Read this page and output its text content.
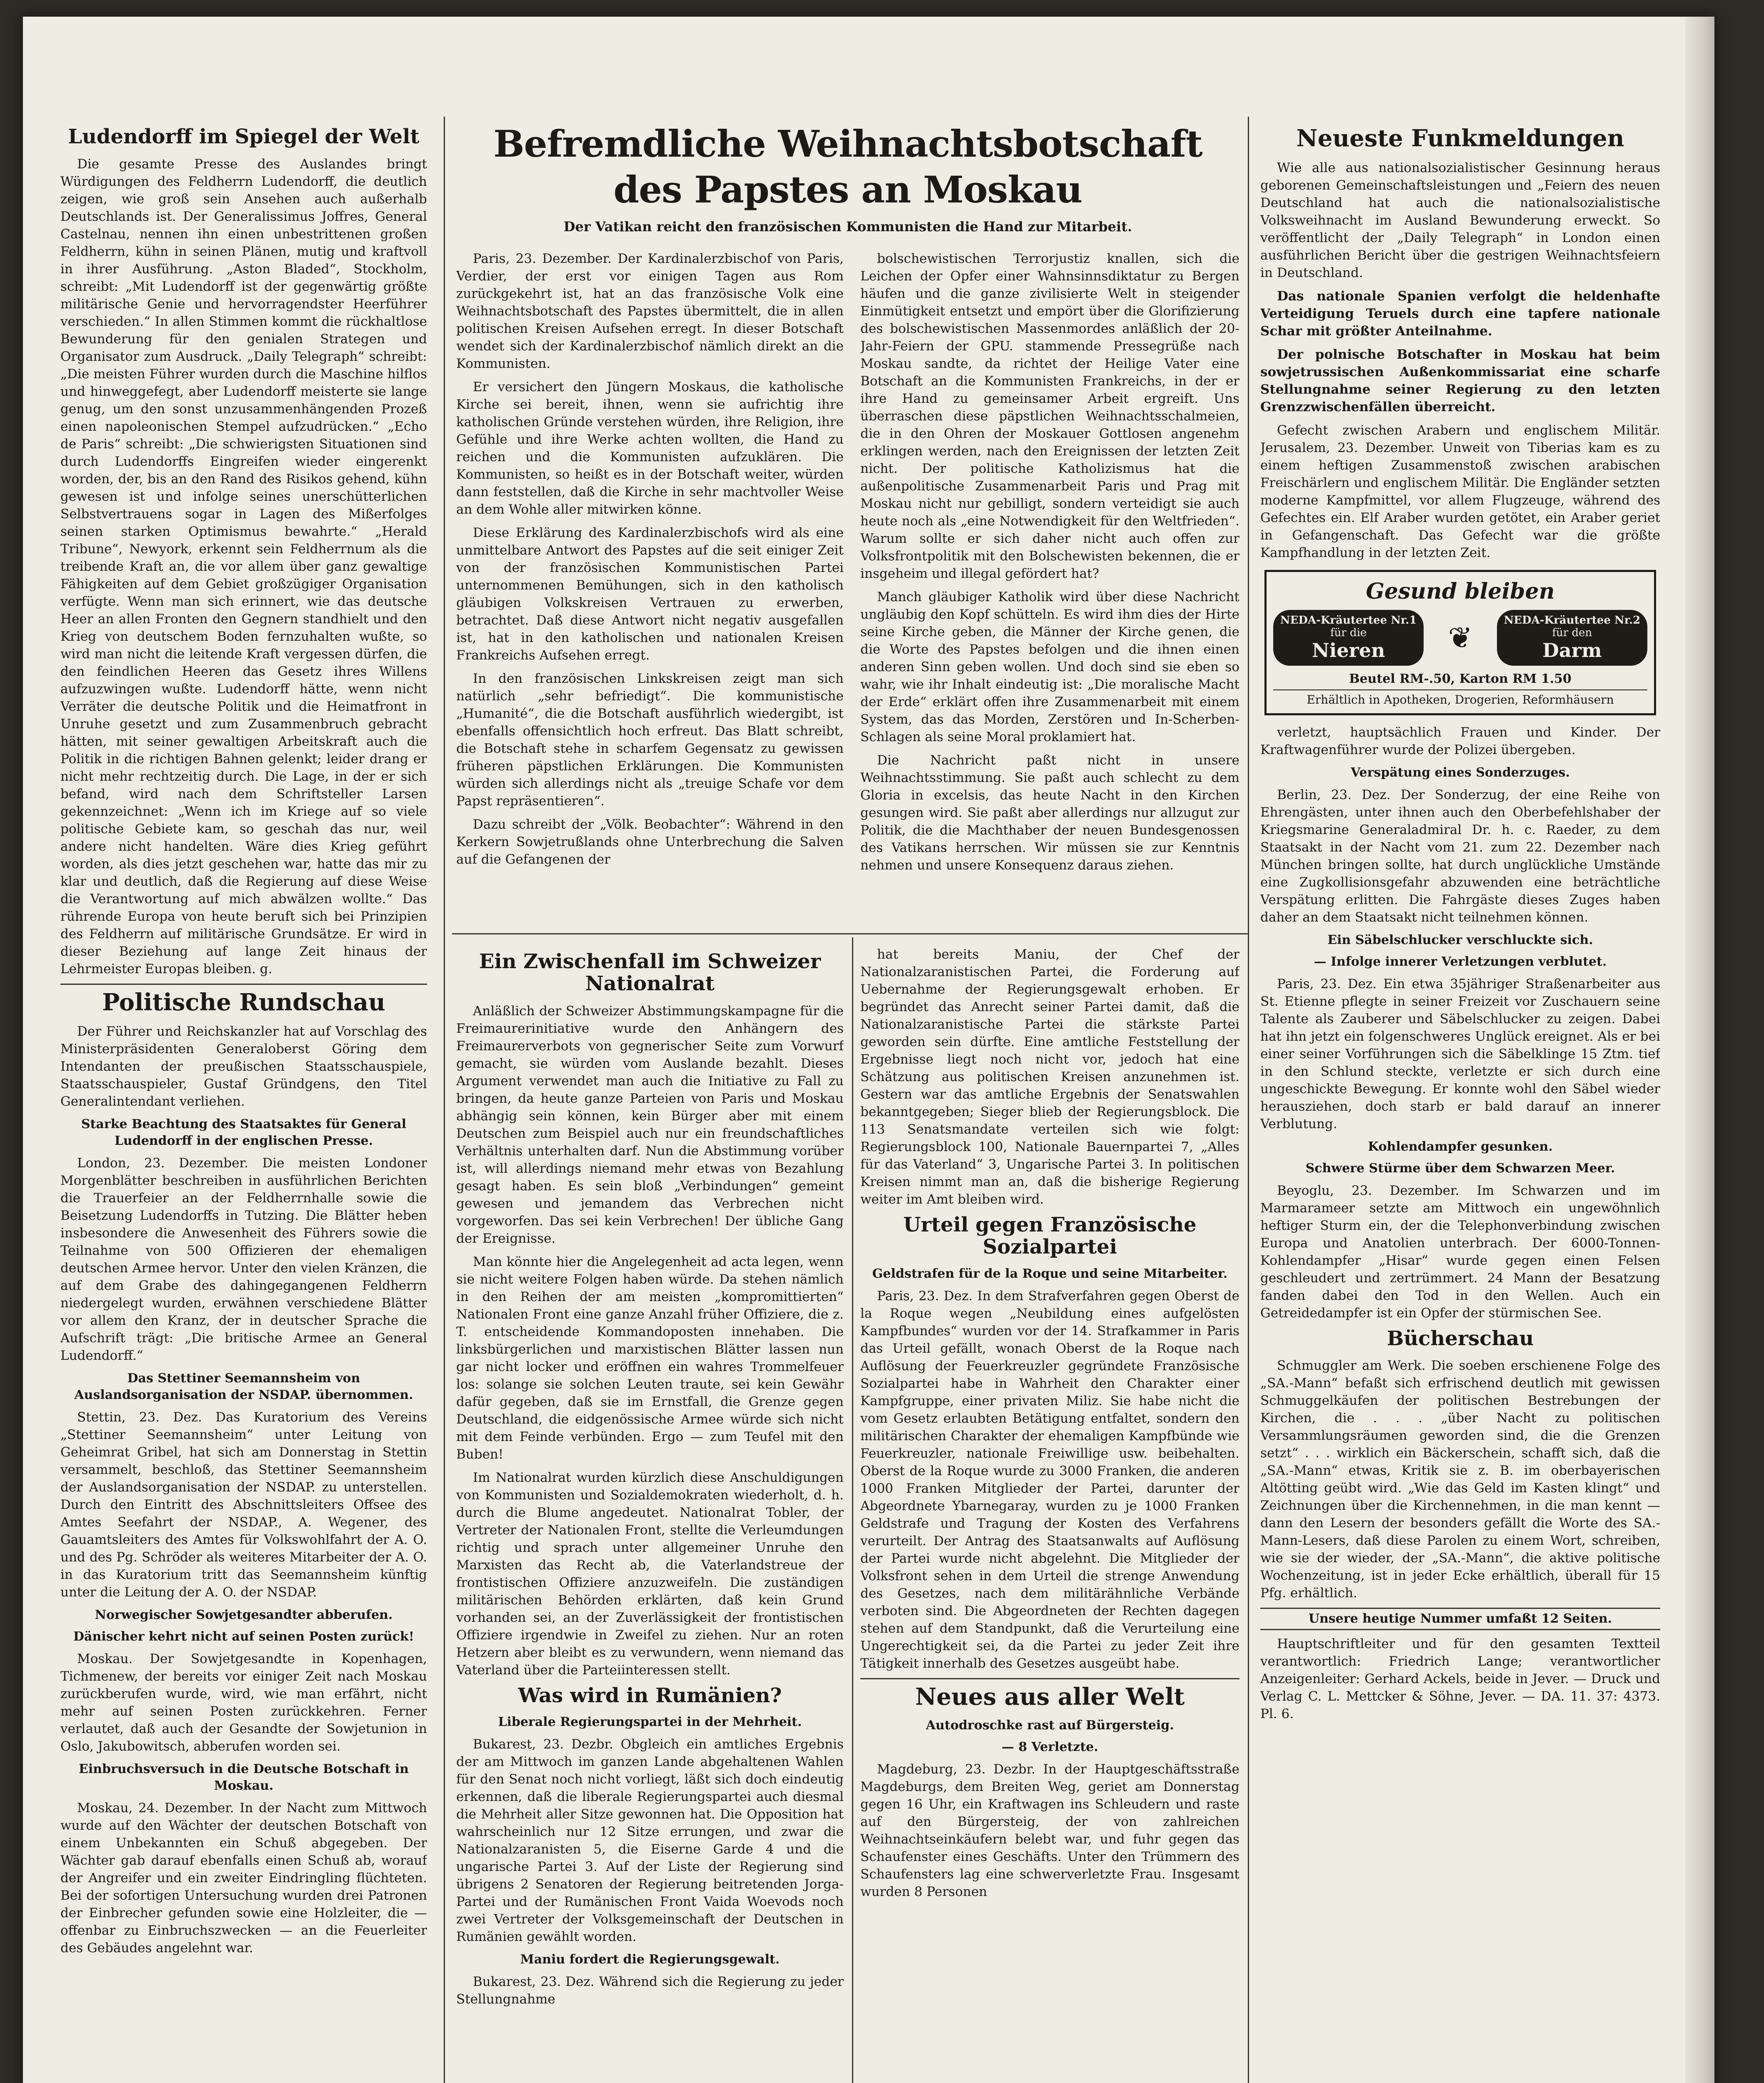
Ludendorff im Spiegel der Welt

Die gesamte Presse des Auslandes bringt Würdigungen des Feldherrn Ludendorff, die deutlich zeigen, wie groß sein Ansehen auch außerhalb Deutschlands ist. Der Generalissimus Joffres, General Castelnau, nennen ihn einen unbestrittenen großen Feldherrn, kühn in seinen Plänen, mutig und kraftvoll in ihrer Ausführung. „Aston Bladed“, Stockholm, schreibt: „Mit Ludendorff ist der gegenwärtig größte militärische Genie und hervorragendster Heerführer verschieden.“ In allen Stimmen kommt die rückhaltlose Bewunderung für den genialen Strategen und Organisator zum Ausdruck. „Daily Telegraph“ schreibt: „Die meisten Führer wurden durch die Maschine hilflos und hinweggefegt, aber Ludendorff meisterte sie lange genug, um den sonst unzusammenhängenden Prozeß einen napoleonischen Stempel aufzudrücken.“ „Echo de Paris“ schreibt: „Die schwierigsten Situationen sind durch Ludendorffs Eingreifen wieder eingerenkt worden, der, bis an den Rand des Risikos gehend, kühn gewesen ist und infolge seines unerschütterlichen Selbstvertrauens sogar in Lagen des Mißerfolges seinen starken Optimismus bewahrte.“ „Herald Tribune“, Newyork, erkennt sein Feldherrnum als die treibende Kraft an, die vor allem über ganz gewaltige Fähigkeiten auf dem Gebiet großzügiger Organisation verfügte. Wenn man sich erinnert, wie das deutsche Heer an allen Fronten den Gegnern standhielt und den Krieg von deutschem Boden fernzuhalten wußte, so wird man nicht die leitende Kraft vergessen dürfen, die den feindlichen Heeren das Gesetz ihres Willens aufzuzwingen wußte. Ludendorff hätte, wenn nicht Verräter die deutsche Politik und die Heimatfront in Unruhe gesetzt und zum Zusammenbruch gebracht hätten, mit seiner gewaltigen Arbeitskraft auch die Politik in die richtigen Bahnen gelenkt; leider drang er nicht mehr rechtzeitig durch. Die Lage, in der er sich befand, wird nach dem Schriftsteller Larsen gekennzeichnet: „Wenn ich im Kriege auf so viele politische Gebiete kam, so geschah das nur, weil andere nicht handelten. Wäre dies Krieg geführt worden, als dies jetzt geschehen war, hatte das mir zu klar und deutlich, daß die Regierung auf diese Weise die Verantwortung auf mich abwälzen wollte.“ Das rührende Europa von heute beruft sich bei Prinzipien des Feldherrn auf militärische Grundsätze. Er wird in dieser Beziehung auf lange Zeit hinaus der Lehrmeister Europas bleiben. g.

Politische Rundschau

Der Führer und Reichskanzler hat auf Vorschlag des Ministerpräsidenten Generaloberst Göring dem Intendanten der preußischen Staatsschauspiele, Staatsschauspieler, Gustaf Gründgens, den Titel Generalintendant verliehen.

Starke Beachtung des Staatsaktes für General Ludendorff in der englischen Presse.

London, 23. Dezember. Die meisten Londoner Morgenblätter beschreiben in ausführlichen Berichten die Trauerfeier an der Feldherrnhalle sowie die Beisetzung Ludendorffs in Tutzing. Die Blätter heben insbesondere die Anwesenheit des Führers sowie die Teilnahme von 500 Offizieren der ehemaligen deutschen Armee hervor. Unter den vielen Kränzen, die auf dem Grabe des dahingegangenen Feldherrn niedergelegt wurden, erwähnen verschiedene Blätter vor allem den Kranz, der in deutscher Sprache die Aufschrift trägt: „Die britische Armee an General Ludendorff.“

Das Stettiner Seemannsheim von Auslandsorganisation der NSDAP. übernommen.

Stettin, 23. Dez. Das Kuratorium des Vereins „Stettiner Seemannsheim“ unter Leitung von Geheimrat Gribel, hat sich am Donnerstag in Stettin versammelt, beschloß, das Stettiner Seemannsheim der Auslandsorganisation der NSDAP. zu unterstellen. Durch den Eintritt des Abschnittsleiters Offsee des Amtes Seefahrt der NSDAP., A. Wegener, des Gauamtsleiters des Amtes für Volkswohlfahrt der A. O. und des Pg. Schröder als weiteres Mitarbeiter der A. O. in das Kuratorium tritt das Seemannsheim künftig unter die Leitung der A. O. der NSDAP.

Norwegischer Sowjetgesandter abberufen.
Dänischer kehrt nicht auf seinen Posten zurück!

Moskau. Der Sowjetgesandte in Kopenhagen, Tichmenew, der bereits vor einiger Zeit nach Moskau zurückberufen wurde, wird, wie man erfährt, nicht mehr auf seinen Posten zurückkehren. Ferner verlautet, daß auch der Gesandte der Sowjetunion in Oslo, Jakubowitsch, abberufen worden sei.

Einbruchsversuch in die Deutsche Botschaft in Moskau.

Moskau, 24. Dezember. In der Nacht zum Mittwoch wurde auf den Wächter der deutschen Botschaft von einem Unbekannten ein Schuß abgegeben. Der Wächter gab darauf ebenfalls einen Schuß ab, worauf der Angreifer und ein zweiter Eindringling flüchteten. Bei der sofortigen Untersuchung wurden drei Patronen der Einbrecher gefunden sowie eine Holzleiter, die — offenbar zu Einbruchszwecken — an die Feuerleiter des Gebäudes angelehnt war.

Befremdliche Weihnachtsbotschaft des Papstes an Moskau
Der Vatikan reicht den französischen Kommunisten die Hand zur Mitarbeit.

Paris, 23. Dezember. Der Kardinalerzbischof von Paris, Verdier, der erst vor einigen Tagen aus Rom zurückgekehrt ist, hat an das französische Volk eine Weihnachtsbotschaft des Papstes übermittelt, die in allen politischen Kreisen Aufsehen erregt. In dieser Botschaft wendet sich der Kardinalerzbischof nämlich direkt an die Kommunisten.

Er versichert den Jüngern Moskaus, die katholische Kirche sei bereit, ihnen, wenn sie aufrichtig ihre katholischen Gründe verstehen würden, ihre Religion, ihre Gefühle und ihre Werke achten wollten, die Hand zu reichen und die Kommunisten aufzuklären. Die Kommunisten, so heißt es in der Botschaft weiter, würden dann feststellen, daß die Kirche in sehr machtvoller Weise an dem Wohle aller mitwirken könne.

Diese Erklärung des Kardinalerzbischofs wird als eine unmittelbare Antwort des Papstes auf die seit einiger Zeit von der französischen Kommunistischen Partei unternommenen Bemühungen, sich in den katholisch gläubigen Volkskreisen Vertrauen zu erwerben, betrachtet. Daß diese Antwort nicht negativ ausgefallen ist, hat in den katholischen und nationalen Kreisen Frankreichs Aufsehen erregt.

In den französischen Linkskreisen zeigt man sich natürlich „sehr befriedigt“. Die kommunistische „Humanité“, die die Botschaft ausführlich wiedergibt, ist ebenfalls offensichtlich hoch erfreut. Das Blatt schreibt, die Botschaft stehe in scharfem Gegensatz zu gewissen früheren päpstlichen Erklärungen. Die Kommunisten würden sich allerdings nicht als „treuige Schafe vor dem Papst repräsentieren“.

Dazu schreibt der „Völk. Beobachter“: Während in den Kerkern Sowjetrußlands ohne Unterbrechung die Salven auf die Gefangenen der

bolschewistischen Terrorjustiz knallen, sich die Leichen der Opfer einer Wahnsinnsdiktatur zu Bergen häufen und die ganze zivilisierte Welt in steigender Einmütigkeit entsetzt und empört über die Glorifizierung des bolschewistischen Massenmordes anläßlich der 20-Jahr-Feiern der GPU. stammende Pressegrüße nach Moskau sandte, da richtet der Heilige Vater eine Botschaft an die Kommunisten Frankreichs, in der er ihre Hand zu gemeinsamer Arbeit ergreift. Uns überraschen diese päpstlichen Weihnachtsschalmeien, die in den Ohren der Moskauer Gottlosen angenehm erklingen werden, nach den Ereignissen der letzten Zeit nicht. Der politische Katholizismus hat die außenpolitische Zusammenarbeit Paris und Prag mit Moskau nicht nur gebilligt, sondern verteidigt sie auch heute noch als „eine Notwendigkeit für den Weltfrieden“. Warum sollte er sich daher nicht auch offen zur Volksfrontpolitik mit den Bolschewisten bekennen, die er insgeheim und illegal gefördert hat?

Manch gläubiger Katholik wird über diese Nachricht ungläubig den Kopf schütteln. Es wird ihm dies der Hirte seine Kirche geben, die Männer der Kirche genen, die die Worte des Papstes befolgen und die ihnen einen anderen Sinn geben wollen. Und doch sind sie eben so wahr, wie ihr Inhalt eindeutig ist: „Die moralische Macht der Erde“ erklärt offen ihre Zusammenarbeit mit einem System, das das Morden, Zerstören und In-Scherben-Schlagen als seine Moral proklamiert hat.

Die Nachricht paßt nicht in unsere Weihnachtsstimmung. Sie paßt auch schlecht zu dem Gloria in excelsis, das heute Nacht in den Kirchen gesungen wird. Sie paßt aber allerdings nur allzugut zur Politik, die die Machthaber der neuen Bundesgenossen des Vatikans herrschen. Wir müssen sie zur Kenntnis nehmen und unsere Konsequenz daraus ziehen.

Ein Zwischenfall im Schweizer Nationalrat

Anläßlich der Schweizer Abstimmungskampagne für die Freimaurerinitiative wurde den Anhängern des Freimaurerverbots von gegnerischer Seite zum Vorwurf gemacht, sie würden vom Auslande bezahlt. Dieses Argument verwendet man auch die Initiative zu Fall zu bringen, da heute ganze Parteien von Paris und Moskau abhängig sein können, kein Bürger aber mit einem Deutschen zum Beispiel auch nur ein freundschaftliches Verhältnis unterhalten darf. Nun die Abstimmung vorüber ist, will allerdings niemand mehr etwas von Bezahlung gesagt haben. Es sein bloß „Verbindungen“ gemeint gewesen und jemandem das Verbrechen nicht vorgeworfen. Das sei kein Verbrechen! Der übliche Gang der Ereignisse.

Man könnte hier die Angelegenheit ad acta legen, wenn sie nicht weitere Folgen haben würde. Da stehen nämlich in den Reihen der am meisten „kompromittierten“ Nationalen Front eine ganze Anzahl früher Offiziere, die z. T. entscheidende Kommandoposten innehaben. Die linksbürgerlichen und marxistischen Blätter lassen nun gar nicht locker und eröffnen ein wahres Trommelfeuer los: solange sie solchen Leuten traute, sei kein Gewähr dafür gegeben, daß sie im Ernstfall, die Grenze gegen Deutschland, die eidgenössische Armee würde sich nicht mit dem Feinde verbünden. Ergo — zum Teufel mit den Buben!

Im Nationalrat wurden kürzlich diese Anschuldigungen von Kommunisten und Sozialdemokraten wiederholt, d. h. durch die Blume angedeutet. Nationalrat Tobler, der Vertreter der Nationalen Front, stellte die Verleumdungen richtig und sprach unter allgemeiner Unruhe den Marxisten das Recht ab, die Vaterlandstreue der frontistischen Offiziere anzuzweifeln. Die zuständigen militärischen Behörden erklärten, daß kein Grund vorhanden sei, an der Zuverlässigkeit der frontistischen Offiziere irgendwie in Zweifel zu ziehen. Nur an roten Hetzern aber bleibt es zu verwundern, wenn niemand das Vaterland über die Parteiinteressen stellt.

Was wird in Rumänien?
Liberale Regierungspartei in der Mehrheit.

Bukarest, 23. Dezbr. Obgleich ein amtliches Ergebnis der am Mittwoch im ganzen Lande abgehaltenen Wahlen für den Senat noch nicht vorliegt, läßt sich doch eindeutig erkennen, daß die liberale Regierungspartei auch diesmal die Mehrheit aller Sitze gewonnen hat. Die Opposition hat wahrscheinlich nur 12 Sitze errungen, und zwar die Nationalzaranisten 5, die Eiserne Garde 4 und die ungarische Partei 3. Auf der Liste der Regierung sind übrigens 2 Senatoren der Regierung beitretenden Jorga-Partei und der Rumänischen Front Vaida Woevods noch zwei Vertreter der Volksgemeinschaft der Deutschen in Rumänien gewählt worden.

Maniu fordert die Regierungsgewalt.

Bukarest, 23. Dez. Während sich die Regierung zu jeder Stellungnahme

hat bereits Maniu, der Chef der Nationalzaranistischen Partei, die Forderung auf Uebernahme der Regierungsgewalt erhoben. Er begründet das Anrecht seiner Partei damit, daß die Nationalzaranistische Partei die stärkste Partei geworden sein dürfte. Eine amtliche Feststellung der Ergebnisse liegt noch nicht vor, jedoch hat eine Schätzung aus politischen Kreisen anzunehmen ist. Gestern war das amtliche Ergebnis der Senatswahlen bekanntgegeben; Sieger blieb der Regierungsblock. Die 113 Senatsmandate verteilen sich wie folgt: Regierungsblock 100, Nationale Bauernpartei 7, „Alles für das Vaterland“ 3, Ungarische Partei 3. In politischen Kreisen nimmt man an, daß die bisherige Regierung weiter im Amt bleiben wird.

Urteil gegen Französische Sozialpartei
Geldstrafen für de la Roque und seine Mitarbeiter.

Paris, 23. Dez. In dem Strafverfahren gegen Oberst de la Roque wegen „Neubildung eines aufgelösten Kampfbundes“ wurden vor der 14. Strafkammer in Paris das Urteil gefällt, wonach Oberst de la Roque nach Auflösung der Feuerkreuzler gegründete Französische Sozialpartei habe in Wahrheit den Charakter einer Kampfgruppe, einer privaten Miliz. Sie habe nicht die vom Gesetz erlaubten Betätigung entfaltet, sondern den militärischen Charakter der ehemaligen Kampfbünde wie Feuerkreuzler, nationale Freiwillige usw. beibehalten. Oberst de la Roque wurde zu 3000 Franken, die anderen 1000 Franken Mitglieder der Partei, darunter der Abgeordnete Ybarnegaray, wurden zu je 1000 Franken Geldstrafe und Tragung der Kosten des Verfahrens verurteilt. Der Antrag des Staatsanwalts auf Auflösung der Partei wurde nicht abgelehnt. Die Mitglieder der Volksfront sehen in dem Urteil die strenge Anwendung des Gesetzes, nach dem militärähnliche Verbände verboten sind. Die Abgeordneten der Rechten dagegen stehen auf dem Standpunkt, daß die Verurteilung eine Ungerechtigkeit sei, da die Partei zu jeder Zeit ihre Tätigkeit innerhalb des Gesetzes ausgeübt habe.

Neues aus aller Welt
Autodroschke rast auf Bürgersteig.
— 8 Verletzte.

Magdeburg, 23. Dezbr. In der Hauptgeschäftsstraße Magdeburgs, dem Breiten Weg, geriet am Donnerstag gegen 16 Uhr, ein Kraftwagen ins Schleudern und raste auf den Bürgersteig, der von zahlreichen Weihnachtseinkäufern belebt war, und fuhr gegen das Schaufenster eines Geschäfts. Unter den Trümmern des Schaufensters lag eine schwerverletzte Frau. Insgesamt wurden 8 Personen

Neueste Funkmeldungen

Wie alle aus nationalsozialistischer Gesinnung heraus geborenen Gemeinschaftsleistungen und „Feiern des neuen Deutschland hat auch die nationalsozialistische Volksweihnacht im Ausland Bewunderung erweckt. So veröffentlicht der „Daily Telegraph“ in London einen ausführlichen Bericht über die gestrigen Weihnachtsfeiern in Deutschland.

Das nationale Spanien verfolgt die heldenhafte Verteidigung Teruels durch eine tapfere nationale Schar mit größter Anteilnahme.

Der polnische Botschafter in Moskau hat beim sowjetrussischen Außenkommissariat eine scharfe Stellungnahme seiner Regierung zu den letzten Grenzzwischenfällen überreicht.

Gefecht zwischen Arabern und englischem Militär. Jerusalem, 23. Dezember. Unweit von Tiberias kam es zu einem heftigen Zusammenstoß zwischen arabischen Freischärlern und englischem Militär. Die Engländer setzten moderne Kampfmittel, vor allem Flugzeuge, während des Gefechtes ein. Elf Araber wurden getötet, ein Araber geriet in Gefangenschaft. Das Gefecht war die größte Kampfhandlung in der letzten Zeit.

Gesund bleiben
NEDA-Kräutertee Nr.1
für die
Nieren	❦
NEDA-Kräutertee Nr.2
für den
Darm
Beutel RM-.50, Karton RM 1.50
Erhältlich in Apotheken, Drogerien, Reformhäusern

verletzt, hauptsächlich Frauen und Kinder. Der Kraftwagenführer wurde der Polizei übergeben.

Verspätung eines Sonderzuges.

Berlin, 23. Dez. Der Sonderzug, der eine Reihe von Ehrengästen, unter ihnen auch den Oberbefehlshaber der Kriegsmarine Generaladmiral Dr. h. c. Raeder, zu dem Staatsakt in der Nacht vom 21. zum 22. Dezember nach München bringen sollte, hat durch unglückliche Umstände eine Zugkollisionsgefahr abzuwenden eine beträchtliche Verspätung erlitten. Die Fahrgäste dieses Zuges haben daher an dem Staatsakt nicht teilnehmen können.

Ein Säbelschlucker verschluckte sich.
— Infolge innerer Verletzungen verblutet.

Paris, 23. Dez. Ein etwa 35jähriger Straßenarbeiter aus St. Etienne pflegte in seiner Freizeit vor Zuschauern seine Talente als Zauberer und Säbelschlucker zu zeigen. Dabei hat ihn jetzt ein folgenschweres Unglück ereignet. Als er bei einer seiner Vorführungen sich die Säbelklinge 15 Ztm. tief in den Schlund steckte, verletzte er sich durch eine ungeschickte Bewegung. Er konnte wohl den Säbel wieder herausziehen, doch starb er bald darauf an innerer Verblutung.

Kohlendampfer gesunken.
Schwere Stürme über dem Schwarzen Meer.

Beyoglu, 23. Dezember. Im Schwarzen und im Marmarameer setzte am Mittwoch ein ungewöhnlich heftiger Sturm ein, der die Telephonverbindung zwischen Europa und Anatolien unterbrach. Der 6000-Tonnen-Kohlendampfer „Hisar“ wurde gegen einen Felsen geschleudert und zertrümmert. 24 Mann der Besatzung fanden dabei den Tod in den Wellen. Auch ein Getreidedampfer ist ein Opfer der stürmischen See.

Bücherschau

Schmuggler am Werk. Die soeben erschienene Folge des „SA.-Mann“ befaßt sich erfrischend deutlich mit gewissen Schmuggelkäufen der politischen Bestrebungen der Kirchen, die . . . „über Nacht zu politischen Versammlungsräumen geworden sind, die die Grenzen setzt“ . . . wirklich ein Bäckerschein, schafft sich, daß die „SA.-Mann“ etwas, Kritik sie z. B. im oberbayerischen Altötting geübt wird. „Wie das Geld im Kasten klingt“ und Zeichnungen über die Kirchennehmen, in die man kennt — dann den Lesern der besonders gefällt die Worte des SA.-Mann-Lesers, daß diese Parolen zu einem Wort, schreiben, wie sie der wieder, der „SA.-Mann“, die aktive politische Wochenzeitung, ist in jeder Ecke erhältlich, überall für 15 Pfg. erhältlich.

Unsere heutige Nummer umfaßt 12 Seiten.

Hauptschriftleiter und für den gesamten Textteil verantwortlich: Friedrich Lange; verantwortlicher Anzeigenleiter: Gerhard Ackels, beide in Jever. — Druck und Verlag C. L. Mettcker & Söhne, Jever. — DA. 11. 37: 4373. Pl. 6.
